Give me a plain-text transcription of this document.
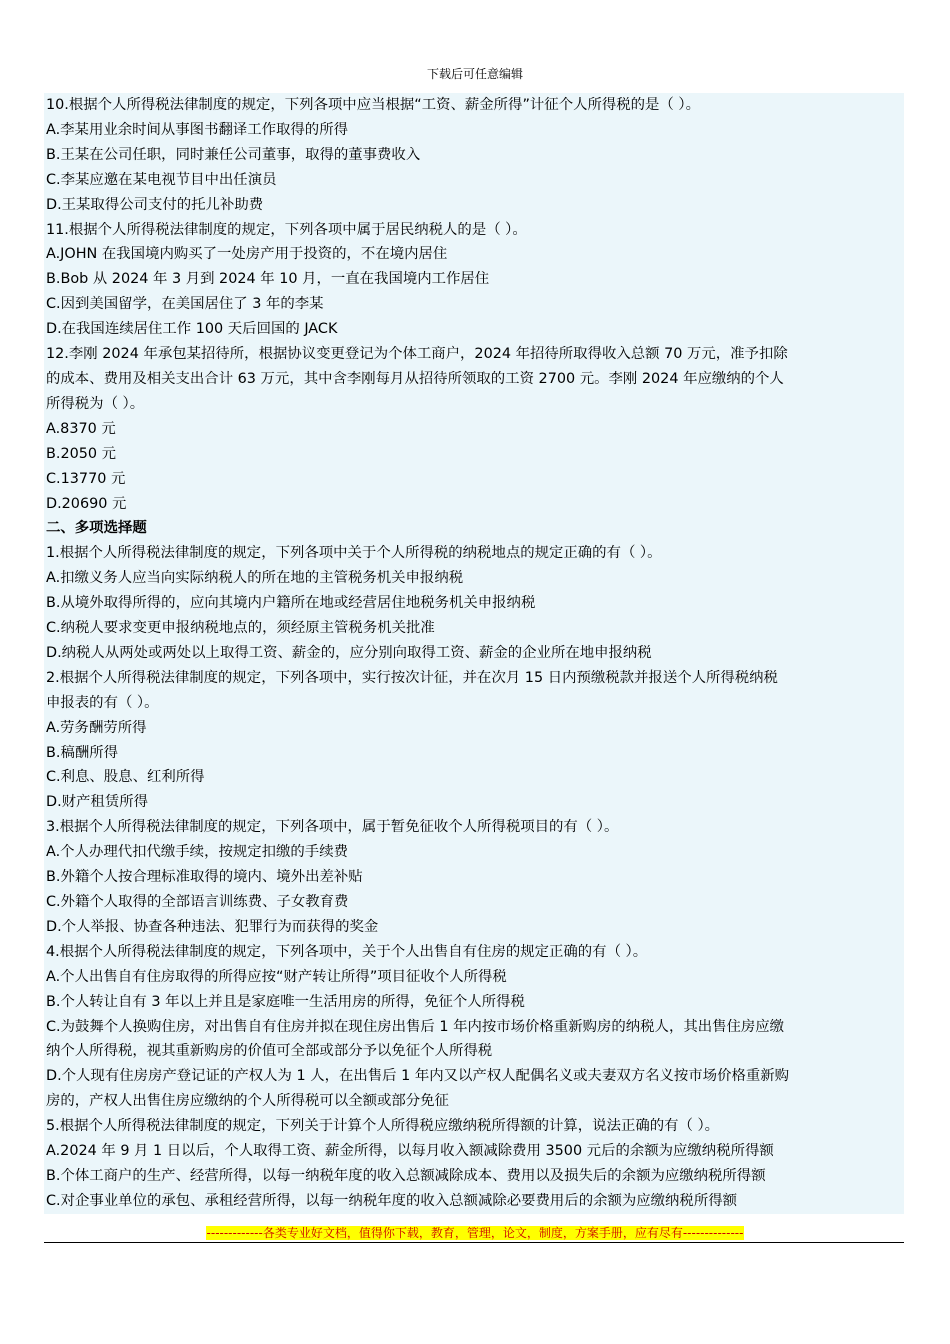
下载后可任意编辑
10.根据个人所得税法律制度的规定，下列各项中应当根据“工资、薪金所得”计征个人所得税的是（ ）。
A.李某用业余时间从事图书翻译工作取得的所得
B.王某在公司任职，同时兼任公司董事，取得的董事费收入
C.李某应邀在某电视节目中出任演员
D.王某取得公司支付的托儿补助费
11.根据个人所得税法律制度的规定，下列各项中属于居民纳税人的是（ ）。
A.JOHN 在我国境内购买了一处房产用于投资的，不在境内居住
B.Bob 从 2024 年 3 月到 2024 年 10 月，一直在我国境内工作居住
C.因到美国留学，在美国居住了 3 年的李某
D.在我国连续居住工作 100 天后回国的 JACK
12.李刚 2024 年承包某招待所，根据协议变更登记为个体工商户，2024 年招待所取得收入总额 70 万元，准予扣除
的成本、费用及相关支出合计 63 万元，其中含李刚每月从招待所领取的工资 2700 元。李刚 2024 年应缴纳的个人
所得税为（ ）。
A.8370 元
B.2050 元
C.13770 元
D.20690 元
二、多项选择题
1.根据个人所得税法律制度的规定，下列各项中关于个人所得税的纳税地点的规定正确的有（ ）。
A.扣缴义务人应当向实际纳税人的所在地的主管税务机关申报纳税
B.从境外取得所得的，应向其境内户籍所在地或经营居住地税务机关申报纳税
C.纳税人要求变更申报纳税地点的，须经原主管税务机关批准
D.纳税人从两处或两处以上取得工资、薪金的，应分别向取得工资、薪金的企业所在地申报纳税
2.根据个人所得税法律制度的规定，下列各项中，实行按次计征，并在次月 15 日内预缴税款并报送个人所得税纳税
申报表的有（ ）。
A.劳务酬劳所得
B.稿酬所得
C.利息、股息、红利所得
D.财产租赁所得
3.根据个人所得税法律制度的规定，下列各项中，属于暂免征收个人所得税项目的有（ ）。
A.个人办理代扣代缴手续，按规定扣缴的手续费
B.外籍个人按合理标准取得的境内、境外出差补贴
C.外籍个人取得的全部语言训练费、子女教育费
D.个人举报、协查各种违法、犯罪行为而获得的奖金
4.根据个人所得税法律制度的规定，下列各项中，关于个人出售自有住房的规定正确的有（ ）。
A.个人出售自有住房取得的所得应按“财产转让所得”项目征收个人所得税
B.个人转让自有 3 年以上并且是家庭唯一生活用房的所得，免征个人所得税
C.为鼓舞个人换购住房，对出售自有住房并拟在现住房出售后 1 年内按市场价格重新购房的纳税人，其出售住房应缴
纳个人所得税，视其重新购房的价值可全部或部分予以免征个人所得税
D.个人现有住房房产登记证的产权人为 1 人，在出售后 1 年内又以产权人配偶名义或夫妻双方名义按市场价格重新购
房的，产权人出售住房应缴纳的个人所得税可以全额或部分免征
5.根据个人所得税法律制度的规定，下列关于计算个人所得税应缴纳税所得额的计算，说法正确的有（ ）。
A.2024 年 9 月 1 日以后，个人取得工资、薪金所得，以每月收入额减除费用 3500 元后的余额为应缴纳税所得额
B.个体工商户的生产、经营所得，以每一纳税年度的收入总额减除成本、费用以及损失后的余额为应缴纳税所得额
C.对企事业单位的承包、承租经营所得，以每一纳税年度的收入总额减除必要费用后的余额为应缴纳税所得额
-------------各类专业好文档，值得你下载，教育，管理，论文，制度，方案手册，应有尽有--------------
